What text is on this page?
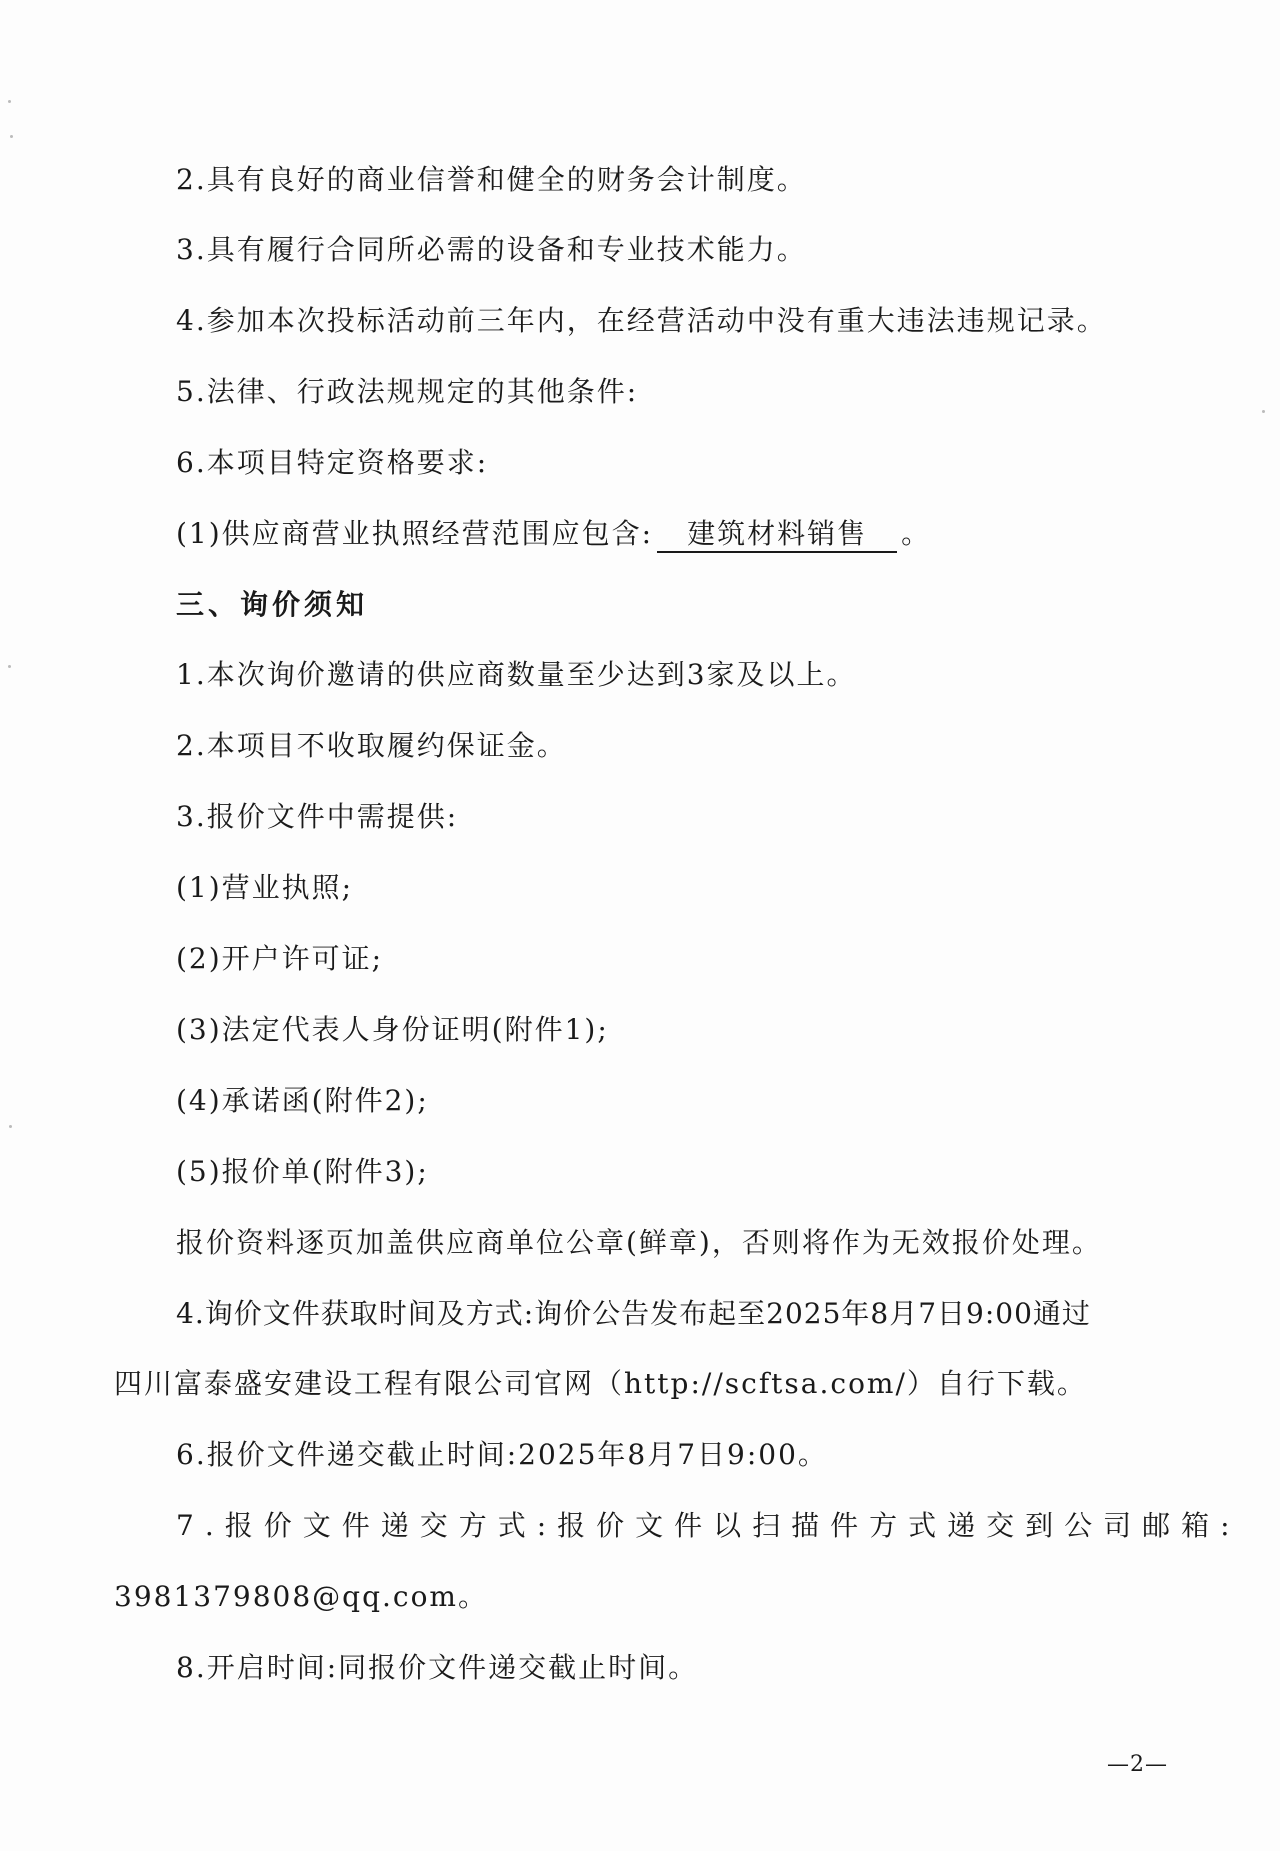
2.具有良好的商业信誉和健全的财务会计制度。
3.具有履行合同所必需的设备和专业技术能力。
4.参加本次投标活动前三年内，在经营活动中没有重大违法违规记录。
5.法律、行政法规规定的其他条件:
6.本项目特定资格要求:
(1)供应商营业执照经营范围应包含: 建筑材料销售 。
三、询价须知
1.本次询价邀请的供应商数量至少达到3家及以上。
2.本项目不收取履约保证金。
3.报价文件中需提供:
(1)营业执照;
(2)开户许可证;
(3)法定代表人身份证明(附件1);
(4)承诺函(附件2);
(5)报价单(附件3);
报价资料逐页加盖供应商单位公章(鲜章)，否则将作为无效报价处理。
4.询价文件获取时间及方式:询价公告发布起至2025年8月7日9:00通过
四川富泰盛安建设工程有限公司官网（http://scftsa.com/）自行下载。
6.报价文件递交截止时间:2025年8月7日9:00。
7.报价文件递交方式:报价文件以扫描件方式递交到公司邮箱:
3981379808@qq.com。
8.开启时间:同报价文件递交截止时间。
—2—
